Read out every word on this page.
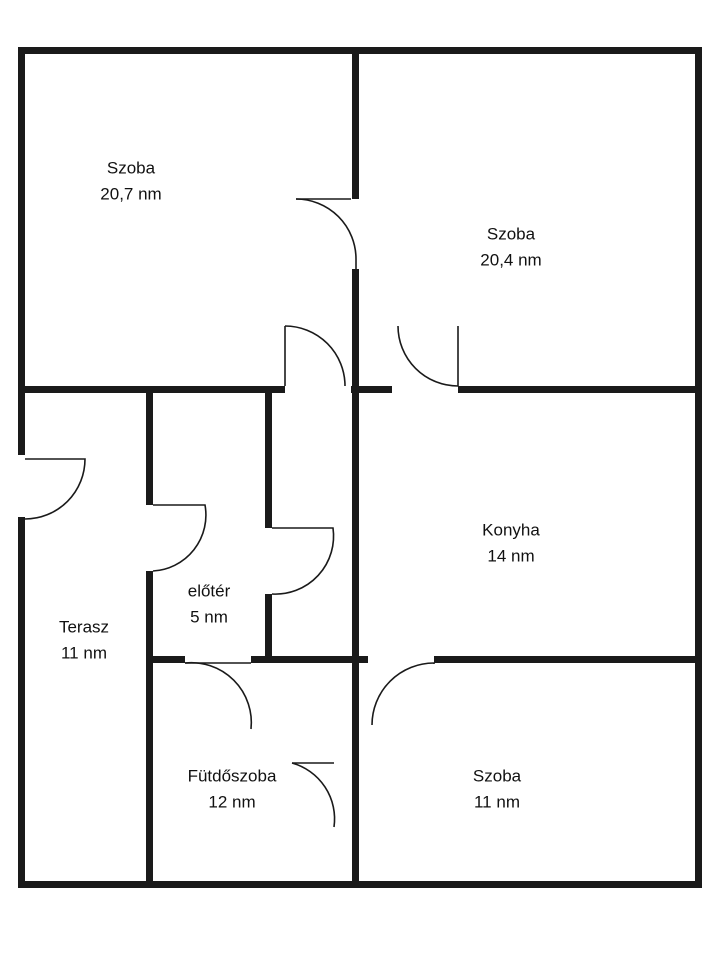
Szoba
20,7 nm
Szoba
20,4 nm
Konyha
14 nm
előtér
5 nm
Terasz
11 nm
Fütdőszoba
12 nm
Szoba
11 nm
